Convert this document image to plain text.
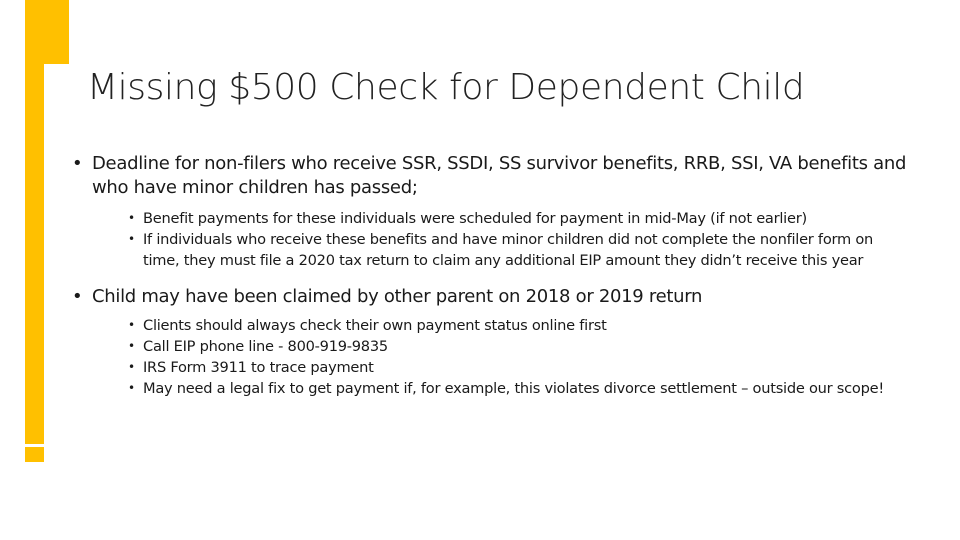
Missing $500 Check for Dependent Child
• Deadline for non-filers who receive SSR, SSDI, SS survivor benefits, RRB, SSI, VA benefits and who have minor children has passed;
• Benefit payments for these individuals were scheduled for payment in mid-May (if not earlier)
• If individuals who receive these benefits and have minor children did not complete the nonfiler form on time, they must file a 2020 tax return to claim any additional EIP amount they didn’t receive this year
• Child may have been claimed by other parent on 2018 or 2019 return
• Clients should always check their own payment status online first
• Call EIP phone line - 800-919-9835
• IRS Form 3911 to trace payment
• May need a legal fix to get payment if, for example, this violates divorce settlement – outside our scope!
